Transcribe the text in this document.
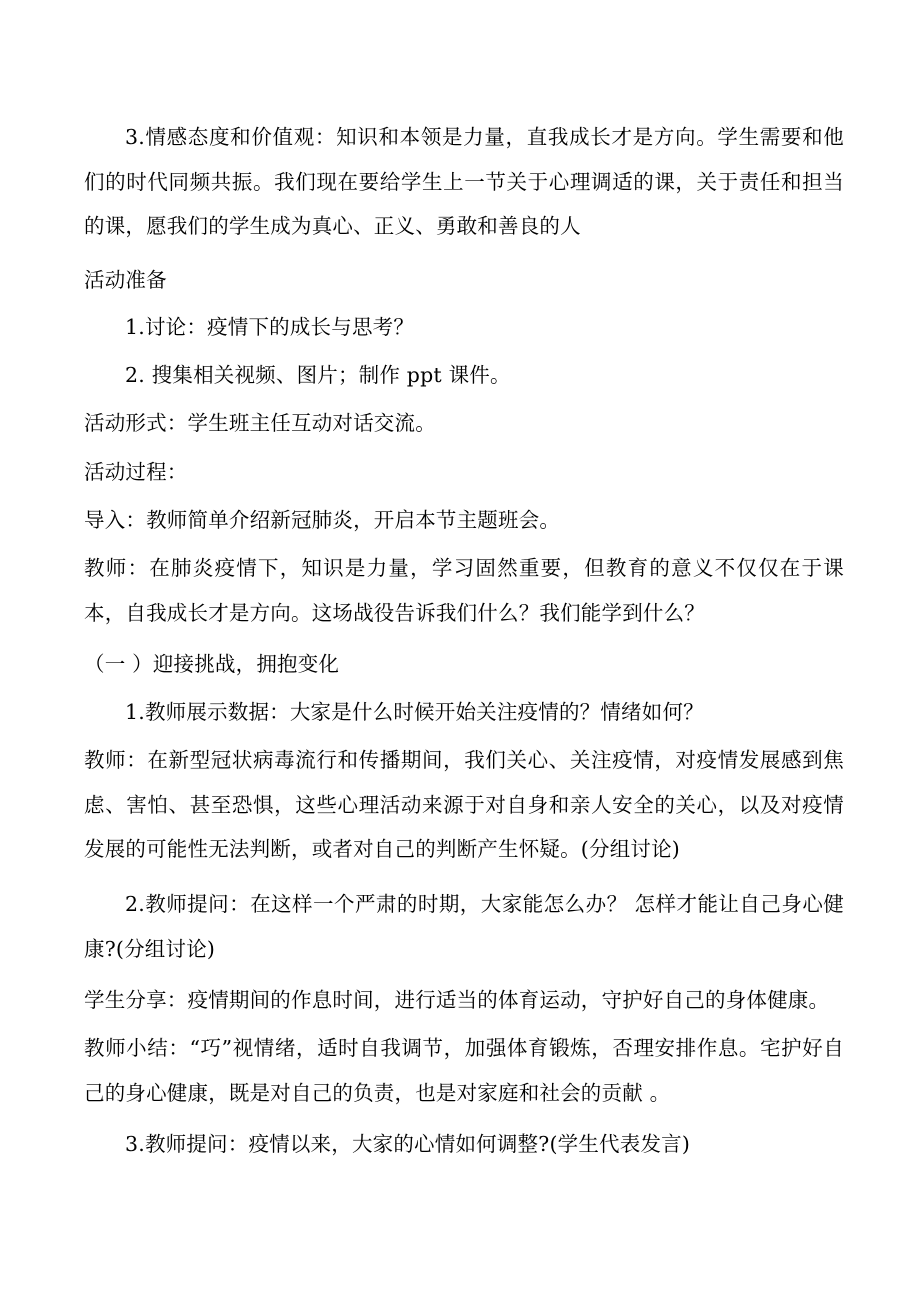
3.情感态度和价值观：知识和本领是力量，直我成长才是方向。学生需要和他们的时代同频共振。我们现在要给学生上一节关于心理调适的课，关于责任和担当的课，愿我们的学生成为真心、正义、勇敢和善良的人

活动准备

1.讨论：疫情下的成长与思考？

2. 搜集相关视频、图片；制作 ppt 课件。

活动形式：学生班主任互动对话交流。

活动过程：

导入：教师简单介绍新冠肺炎，开启本节主题班会。

教师：在肺炎疫情下，知识是力量，学习固然重要，但教育的意义不仅仅在于课本，自我成长才是方向。这场战役告诉我们什么？我们能学到什么？

（一 ）迎接挑战，拥抱变化

1.教师展示数据：大家是什么时候开始关注疫情的？情绪如何？

教师：在新型冠状病毒流行和传播期间，我们关心、关注疫情，对疫情发展感到焦虑、害怕、甚至恐惧，这些心理活动来源于对自身和亲人安全的关心，以及对疫情发展的可能性无法判断，或者对自己的判断产生怀疑。(分组讨论)

2.教师提问：在这样一个严肃的时期，大家能怎么办？ 怎样才能让自己身心健康?(分组讨论)

学生分享：疫情期间的作息时间，进行适当的体育运动，守护好自己的身体健康。

教师小结：“巧”视情绪，适时自我调节，加强体育锻炼，否理安排作息。宅护好自己的身心健康，既是对自己的负责，也是对家庭和社会的贡献 。

3.教师提问：疫情以来，大家的心情如何调整?(学生代表发言)
